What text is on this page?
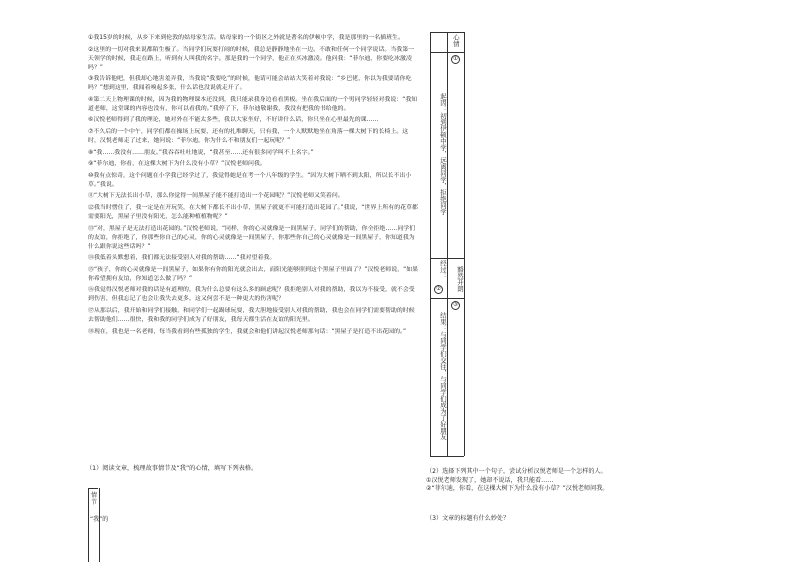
①我15岁的时候，从乡下来到伦敦的姑母家生活。姑母家的一个街区之外就是著名的伊顿中学，我是那里的一名插班生。

②这里的一切对我来说都陌生极了。当同学们玩耍打闹的时候，我总是静静地坐在一边。不敢和任何一个同学说话。当我第一天领学的时候，我走在路上，听到有人叫我的名字。那是我的一个同学，他正在买冰激凌。他问我：“菲尔迪，你要吃冰激凌吗？”

③我告诉他吧，但我却心地害羞弄我，当我说“我要吃”的时候，他请可能会站站大笑着对我说：“乡巴佬，你以为我要请你吃吗？”想到这里，我闻着嗅起多张，什么话也没说就走开了。

④第二天上物理课的时候，因为我的物理课本还没到，我只能录我身边看看黑板。坐在我后面的一个男同学轻轻对我说：“我知道老师，这堂课的内容也没有，你可以看我的。”我停了下，菲尔迪敬谢我，我没有把我的书给他的。

⑥汉悦老师得到了我的理论，她对外在不能太多些，我以大家坐好，不好讲什么话，你只坐在心里最先的课……

⑦不久后的一个中午，同学们都在操场上玩耍，还有的扎堆聊天，只有我，一个人默默地坐在角落一棵大树下的长椅上。这时，汉悦老师走了过来，她问说：“菲尔迪，你为什么不和朋友们一起玩呢？”

⑧“我……我没有……朋友。”我吞吞吐吐地说，“我甚至……还有很多同学叫不上名字。”

⑨“菲尔迪，你看，在这棵大树下为什么没有小草？”汉悦老师问我。

⑩我有点惊奇，这个问题在小学我已经学过了，我觉得她是在考一个八年级的学生。“因为大树下晒不到太阳，所以长不出小草。”我说。

⑪“大树下无法长出小草，那么你觉得一间黑屋子能不能打造出一个花园呢？”汉悦老师又笑着问。

⑫我当时愣住了，我一定是在开玩笑，在大树下都长不出小草，黑屋子就更不可能打造出花园了。”我说，“世界上所有的花草都需要阳光，黑屋子里没有阳光，怎么能种植植物呢？”

⑬“对，黑屋子是无法打造出花园的。”汉悦老师说，“同样，你的心灵就像是一间黑屋子，同学们的帮助，你全拒绝……同学们的友谊，你拒绝了，你那些你自己的心灵，你的心灵就像是一间黑屋子，你那些你自己的心灵就像是一间黑屋子，你知道我为什么跟你说这些话吗？”

⑭我低着头默想着，我们都无法接受别人对我的帮助……“我对望着我。

⑮“孩子，你的心灵就像是一间黑屋子，如果你有你的阳光就会出去，而阳光能够照到这个黑屋子里面了？”汉悦老师说，“如果你希望拥有友谊，你知道怎么做了吗？”

⑯我觉得汉悦老师对我的话是有道理的，我为什么总要有这么多的顾虑呢？我拒绝别人对我的帮助，我以为不接受，就不会受到伤害，但我忘记了也会让我失去更多，这又何尝不是一种更大的伤害呢？

⑰从那以后，我开始和同学们接触，和同学们一起踢球玩耍，我大胆地接受别人对我的帮助，我也会在同学们需要帮助的时候去帮助他们……很快，我和我的同学们成为了好朋友，我每天都生活在友谊的阳光里。

⑱现在，我也是一名老师，每当我看到有些孤独的学生，我就会和他们讲起汉悦老师那句话：“黑屋子是打造不出花园的。”

（1）阅读文章，梳理故事情节及“我”的心情，填写下列表格。
情节
“我”的
心情
①
起因：初到伊顿中学，远离同学，拒绝同学
经过：
②	豁然开朗
③
结果：与同学们交往，与同学们成为了好朋友

（2）选择下列其中一个句子，尝试分析汉悦老师是一个怎样的人。

①汉悦老师发现了，她却不说话，我只能看……

②“菲尔迪，你看，在这棵大树下为什么没有小草？”汉悦老师问我。

（3）文章的标题有什么妙处？
